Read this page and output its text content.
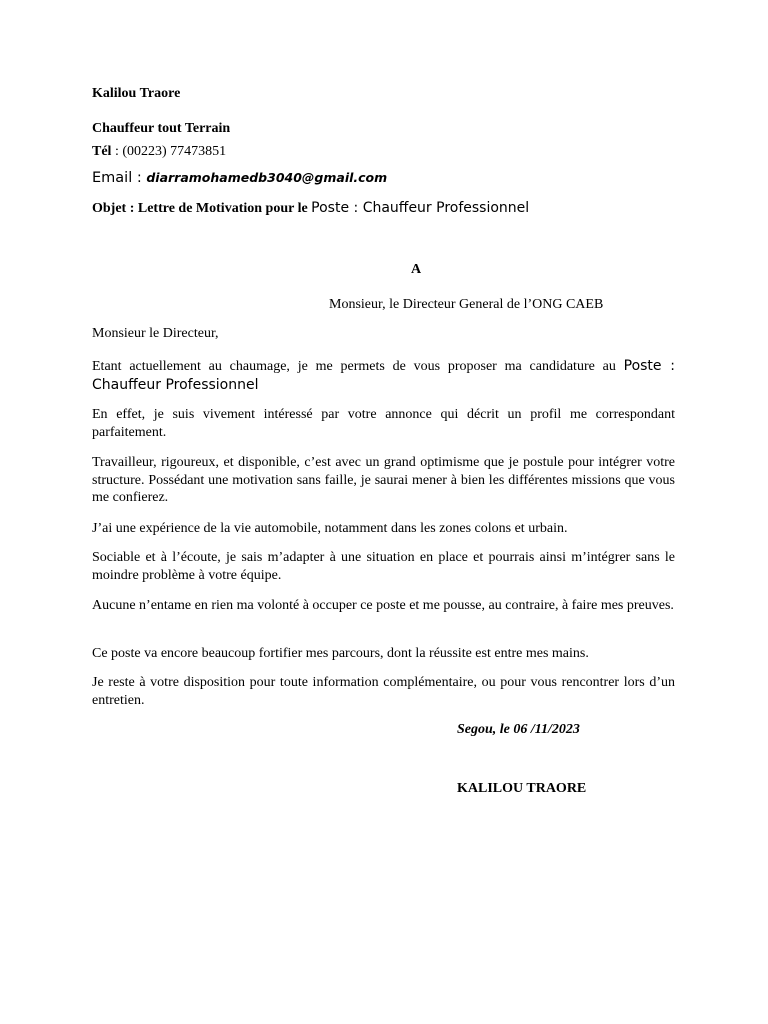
Kalilou Traore
Chauffeur tout Terrain
Tél : (00223) 77473851
Email : diarramohamedb3040@gmail.com
Objet : Lettre de Motivation pour le Poste : Chauffeur Professionnel
A
Monsieur, le Directeur General de l’ONG CAEB
Monsieur le Directeur,
Etant actuellement au chaumage, je me permets de vous proposer ma candidature au Poste : Chauffeur Professionnel
En effet, je suis vivement intéressé par votre annonce qui décrit un profil me correspondant parfaitement.
Travailleur, rigoureux, et disponible, c’est avec un grand optimisme que je postule pour intégrer votre structure. Possédant une motivation sans faille, je saurai mener à bien les différentes missions que vous me confierez.
J’ai une expérience de la vie automobile, notamment dans les zones colons et urbain.
Sociable et à l’écoute, je sais m’adapter à une situation en place et pourrais ainsi m’intégrer sans le moindre problème à votre équipe.
Aucune n’entame en rien ma volonté à occuper ce poste et me pousse, au contraire, à faire mes preuves.
Ce poste va encore beaucoup fortifier mes parcours, dont la réussite est entre mes mains.
Je reste à votre disposition pour toute information complémentaire, ou pour vous rencontrer lors d’un entretien.
Segou, le 06 /11/2023
KALILOU TRAORE
